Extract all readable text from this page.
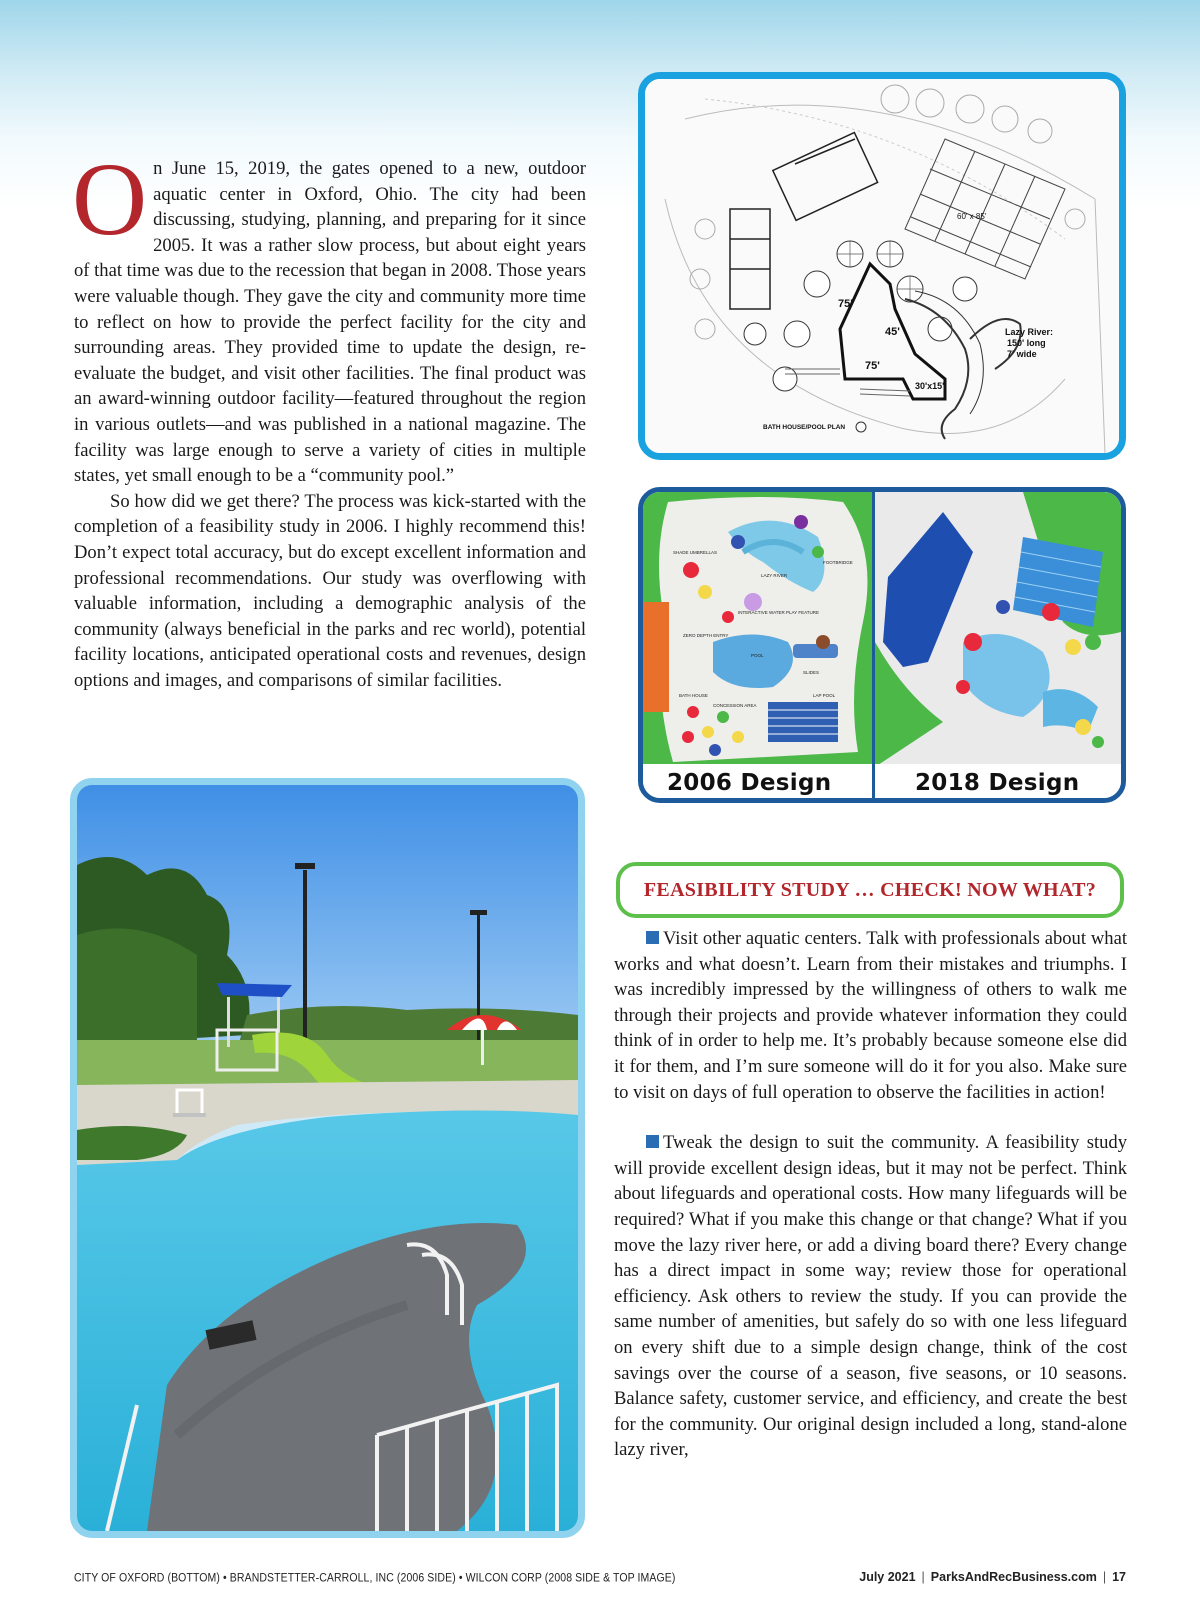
O n June 15, 2019, the gates opened to a new, outdoor aquatic center in Oxford, Ohio. The city had been discussing, studying, planning, and preparing for it since 2005. It was a rather slow process, but about eight years of that time was due to the recession that began in 2008. Those years were valuable though. They gave the city and community more time to reflect on how to provide the perfect facility for the city and surrounding areas. They provided time to update the design, re-evaluate the budget, and visit other facilities. The final product was an award-winning outdoor facility—featured throughout the region in various outlets—and was published in a national magazine. The facility was large enough to serve a variety of cities in multiple states, yet small enough to be a “community pool.”

So how did we get there? The process was kick-started with the completion of a feasibility study in 2006. I highly recommend this! Don’t expect total accuracy, but do except excellent information and professional recommendations. Our study was overflowing with valuable information, including a demographic analysis of the community (always beneficial in the parks and rec world), potential facility locations, anticipated operational costs and revenues, design options and images, and comparisons of similar facilities.

60' x 85'
75'
45'
75'
30'x15'
Lazy River:
150' long
7' wide
BATH HOUSE/POOL PLAN
SHADE UMBRELLAS
LAZY RIVER
FOOTBRIDGE
INTERACTIVE WATER PLAY FEATURE
ZERO DEPTH ENTRY
POOL
SLIDES
BATH HOUSE
CONCESSION AREA
LAP POOL
2006 Design	2018 Design
FEASIBILITY STUDY … CHECK! NOW WHAT?

Visit other aquatic centers. Talk with professionals about what works and what doesn’t. Learn from their mistakes and triumphs. I was incredibly impressed by the willingness of others to walk me through their projects and provide whatever information they could think of in order to help me. It’s probably because someone else did it for them, and I’m sure someone will do it for you also. Make sure to visit on days of full operation to observe the facilities in action!

Tweak the design to suit the community. A feasibility study will provide excellent design ideas, but it may not be perfect. Think about lifeguards and operational costs. How many lifeguards will be required? What if you make this change or that change? What if you move the lazy river here, or add a diving board there? Every change has a direct impact in some way; review those for operational efficiency. Ask others to review the study. If you can provide the same number of amenities, but safely do so with one less lifeguard on every shift due to a simple design change, think of the cost savings over the course of a season, five seasons, or 10 seasons. Balance safety, customer service, and efficiency, and create the best for the community. Our original design included a long, stand-alone lazy river,

CITY OF OXFORD (BOTTOM) • BRANDSTETTER-CARROLL, INC (2006 SIDE) • WILCON CORP (2008 SIDE & TOP IMAGE)	July 2021 | ParksAndRecBusiness.com | 17
